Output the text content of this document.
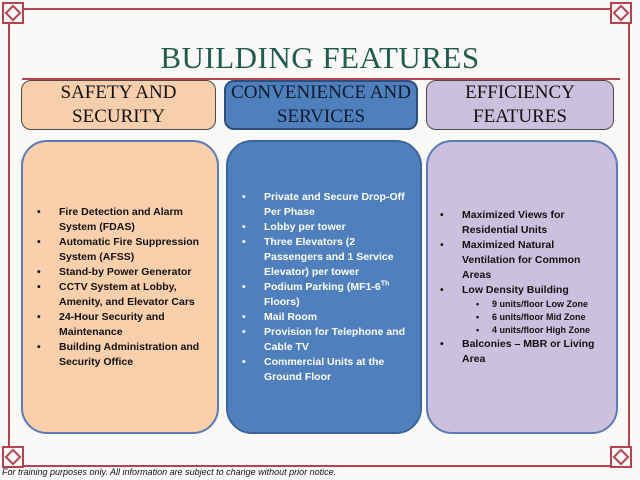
BUILDING FEATURES
SAFETY AND SECURITY
CONVENIENCE AND SERVICES
EFFICIENCY FEATURES
• Fire Detection and Alarm System (FDAS)
• Automatic Fire Suppression System (AFSS)
• Stand-by Power Generator
• CCTV System at Lobby, Amenity, and Elevator Cars
• 24-Hour Security and Maintenance
• Building Administration and Security Office
• Private and Secure Drop-Off Per Phase
• Lobby per tower
• Three Elevators (2 Passengers and 1 Service Elevator) per tower
• Podium Parking (MF1-6Th Floors)
• Mail Room
• Provision for Telephone and Cable TV
• Commercial Units at the Ground Floor
• Maximized Views for Residential Units
• Maximized Natural Ventilation for Common Areas
• Low Density Building
• 9 units/floor Low Zone
• 6 units/floor Mid Zone
• 4 units/floor High Zone
• Balconies – MBR or Living Area
For training purposes only. All information are subject to change without prior notice.
